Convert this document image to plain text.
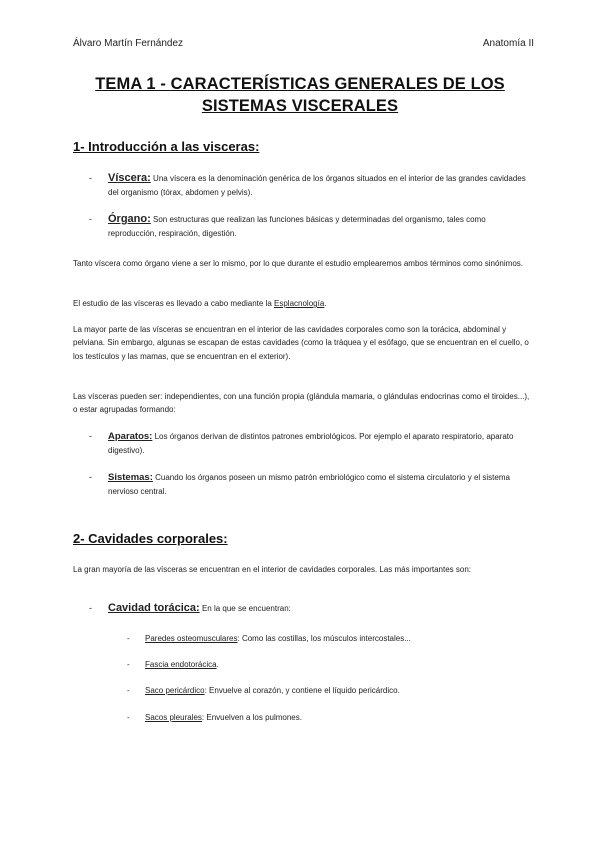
Álvaro Martín Fernández	Anatomía II
TEMA 1 - CARACTERÍSTICAS GENERALES DE LOS
SISTEMAS VISCERALES
1- Introducción a las visceras:
- Víscera: Una víscera es la denominación genérica de los órganos situados en el interior de las grandes cavidades del organismo (tórax, abdomen y pelvis).
- Órgano: Son estructuras que realizan las funciones básicas y determinadas del organismo, tales como reproducción, respiración, digestión.
Tanto víscera como órgano viene a ser lo mismo, por lo que durante el estudio emplearemos ambos términos como sinónimos.
El estudio de las vísceras es llevado a cabo mediante la Esplacnología.
La mayor parte de las vísceras se encuentran en el interior de las cavidades corporales como son la torácica, abdominal y pelviana. Sin embargo, algunas se escapan de estas cavidades (como la tráquea y el esófago, que se encuentran en el cuello, o los testículos y las mamas, que se encuentran en el exterior).
Las vísceras pueden ser: independientes, con una función propia (glándula mamaria, o glándulas endocrinas como el tiroides...), o estar agrupadas formando:
- Aparatos: Los órganos derivan de distintos patrones embriológicos. Por ejemplo el aparato respiratorio, aparato digestivo).
- Sistemas: Cuando los órganos poseen un mismo patrón embriológico como el sistema circulatorio y el sistema nervioso central.
2- Cavidades corporales:
La gran mayoría de las vísceras se encuentran en el interior de cavidades corporales. Las más importantes son:
- Cavidad torácica: En la que se encuentran:
- Paredes osteomusculares: Como las costillas, los músculos intercostales...
- Fascia endotorácica.
- Saco pericárdico: Envuelve al corazón, y contiene el líquido pericárdico.
- Sacos pleurales: Envuelven a los pulmones.
